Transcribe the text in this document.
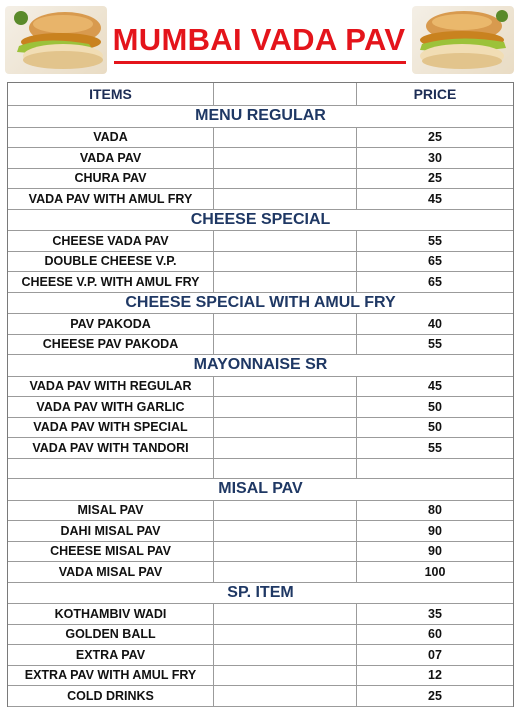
MUMBAI VADA PAV
ITEMS	PRICE
MENU REGULAR
VADA	25
VADA PAV	30
CHURA PAV	25
VADA PAV WITH AMUL FRY	45
CHEESE SPECIAL
CHEESE VADA PAV	55
DOUBLE CHEESE V.P.	65
CHEESE V.P. WITH AMUL FRY	65
CHEESE SPECIAL WITH AMUL FRY
PAV PAKODA	40
CHEESE PAV PAKODA	55
MAYONNAISE SR
VADA PAV WITH REGULAR	45
VADA PAV WITH GARLIC	50
VADA PAV WITH SPECIAL	50
VADA PAV WITH TANDORI	55
MISAL PAV
MISAL PAV	80
DAHI MISAL PAV	90
CHEESE MISAL PAV	90
VADA MISAL PAV	100
SP. ITEM
KOTHAMBIV WADI	35
GOLDEN BALL	60
EXTRA PAV	07
EXTRA PAV WITH AMUL FRY	12
COLD DRINKS	25
